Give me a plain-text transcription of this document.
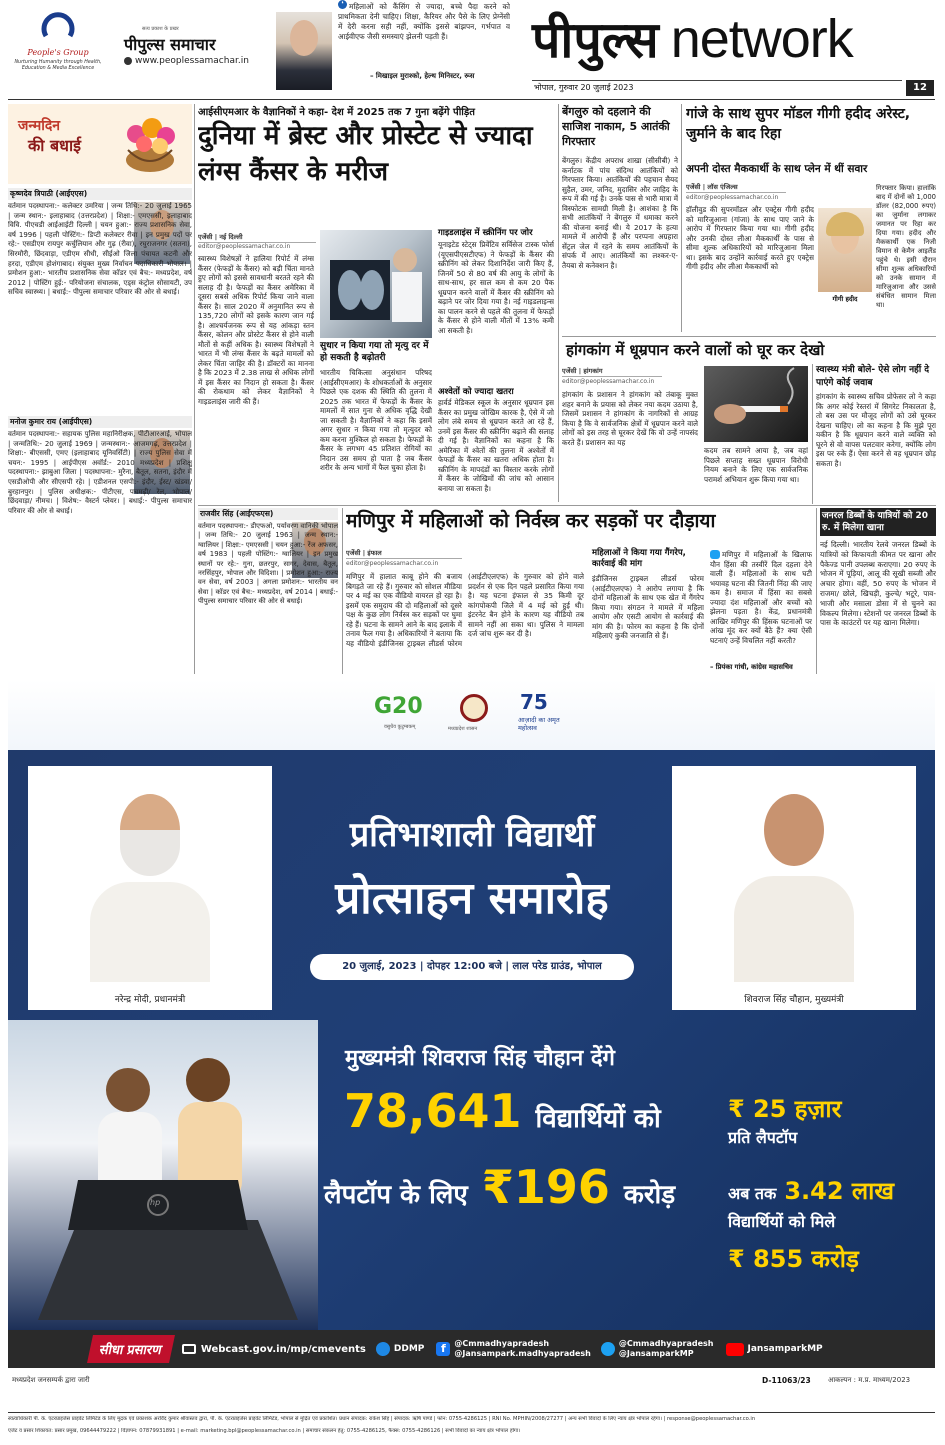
People's Group
Nurturing Humanity through Health, Education & Media Excellence
सत्य प्रकाश के प्रखर
पीपुल्स समाचार
www.peoplessamachar.in
❛ महिलाओं को कैंसिंग से ज्यादा, बच्चे पैदा करने को प्राथमिकता देनी चाहिए। शिक्षा, कैरियर और पैसे के लिए प्रेग्नेंसी में देरी करना सही नहीं, क्योंकि इससे बांझपन, गर्भपात व आईवीएफ जैसी समस्याएं झेलनी पड़ती हैं।
– मिखाइल मुराश्को, हेल्थ मिनिस्टर, रूस
पीपुल्स network
भोपाल, गुरुवार 20 जुलाई 2023	12
जन्मदिन
की बधाई
कृष्णदेव त्रिपाठी (आईएएस)
वर्तमान पदस्थापना:- कलेक्टर उमरिया | जन्म तिथि:- 20 जुलाई 1965 | जन्म स्थान:- इलाहाबाद (उत्तरप्रदेश) | शिक्षा:- एमएससी, इलाहाबाद विवि. पीएचडी आईआईटी दिल्ली | चयन हुआ:- राज्य प्रशासनिक सेवा, वर्ष 1996 | पहली पोस्टिंग:- डिप्टी कलेक्टर रीवा | इन प्रमुख पदों पर रहे:- एसडीएम रायपुर कर्चुलियान और गुढ़ (रीवा), रघुराजनगर (सतना), सिरमौरी, छिंदवाड़ा, एडीएम सीधी, सीईओ जिला पंचायत कटनी और हरदा, एडीएम होशंगाबाद। संयुक्त मुख्य निर्वाचन पदाधिकारी भोपाल। | प्रमोशन हुआ:- भारतीय प्रशासनिक सेवा कॉडर एवं बैच:- मध्यप्रदेश, वर्ष 2012 | पोस्टिंग हुई:- परियोजना संचालक, एड्स कंट्रोल सोसायटी, उप सचिव स्वास्थ्य। | बधाई:- पीपुल्स समाचार परिवार की ओर से बधाई।
मनोज कुमार राय (आईपीएस)
वर्तमान पदस्थापना:- सहायक पुलिस महानिरीक्षक, पीटीआरआई, भोपाल | जन्मतिथि:- 20 जुलाई 1969 | जन्मस्थान:- आजमगढ़, उत्तरप्रदेश | शिक्षा:- बीएससी, एमए (इलाहाबाद यूनिवर्सिटी) | राज्य पुलिस सेवा में चयन:- 1995 | आईपीएस अवॉर्ड:- 2010 मध्यप्रदेश | प्रशिक्षु पदस्थापना:- झाबुआ जिला | पदस्थापना:- मुरैना, बैतूल, सतना, इंदौर में एसडीओपी और सीएसपी रहे। | एडीशनल एसपी:- इंदौर, ईस्ट/ खंडवा/ बुरहानपुर। | पुलिस अधीक्षक:- पीटीएस, पचमढ़ी/ रेल, भोपाल/ छिंदवाड़ा/ नीमच। | विशेष:- वैस्टर्न प्लेयर। | बधाई:- पीपुल्स समाचार परिवार की ओर से बधाई।
आईसीएमआर के वैज्ञानिकों ने कहा- देश में 2025 तक 7 गुना बढ़ेंगे पीड़ित
दुनिया में ब्रेस्ट और प्रोस्टेट से ज्यादा लंग्स कैंसर के मरीज
एजेंसी | नई दिल्ली
editor@peoplessamachar.co.in
स्वास्थ्य विशेषज्ञों ने हालिया रिपोर्ट में लंग्स कैंसर (फेफड़ों के कैंसर) को बड़ी चिंता मानते हुए लोगों को इससे सावधानी बरतते रहने की सलाह दी है। फेफड़ों का कैंसर अमेरिका में दूसरा सबसे अधिक रिपोर्ट किया जाने वाला कैंसर है। साल 2020 में अनुमानित रूप से 135,720 लोगों को इसके कारण जान गई है। आश्चर्यजनक रूप से यह आंकड़ा स्तन कैंसर, कोलन और प्रोस्टेट कैंसर से होने वाली मौतों से कहीं अधिक है। स्वास्थ्य विशेषज्ञों ने भारत में भी लंग्स कैंसर के बढ़ते मामलों को लेकर चिंता जाहिर की है। डॉक्टरों का मानना है कि 2023 में 2.38 लाख से अधिक लोगों में इस कैंसर का निदान हो सकता है। कैंसर की रोकथाम को लेकर वैज्ञानिकों ने गाइडलाइंस जारी की हैं।
सुधार न किया गया तो मृत्यु दर में हो सकती है बढ़ोतरी
भारतीय चिकित्सा अनुसंधान परिषद (आईसीएमआर) के शोधकर्ताओं के अनुसार पिछले एक दशक की स्थिति की तुलना में 2025 तक भारत में फेफड़ों के कैंसर के मामलों में सात गुना से अधिक वृद्धि देखी जा सकती है। वैज्ञानिकों ने कहा कि इसमें अगर सुधार न किया गया तो मृत्युदर को कम करना मुश्किल हो सकता है। फेफड़ों के कैंसर के लगभग 45 प्रतिशत रोगियों का निदान उस समय हो पाता है जब कैंसर शरीर के अन्य भागों में फैल चुका होता है।
गाइडलाइंस में स्क्रीनिंग पर जोर
यूनाइटेड स्टेट्स प्रिवेंटिव सर्विसेज टास्क फोर्स (यूएसपीएसटीएफ) ने फेफड़ों के कैंसर की स्क्रीनिंग को लेकर दिशानिर्देश जारी किए हैं, जिनमें 50 से 80 वर्ष की आयु के लोगों के साथ-साथ, हर साल कम से कम 20 पैक धूम्रपान करने वालों में कैंसर की स्क्रीनिंग को बढ़ाने पर जोर दिया गया है। नई गाइडलाइन्स का पालन करने से पहले की तुलना में फेफड़ों के कैंसर से होने वाली मौतों में 13% कमी आ सकती है।
अश्वेतों को ज्यादा खतरा
हार्वर्ड मेडिकल स्कूल के अनुसार धूम्रपान इस कैंसर का प्रमुख जोखिम कारक है, ऐसे में जो लोग लंबे समय से धूम्रपान करते आ रहे हैं, उनमें इस कैंसर की स्क्रीनिंग बढ़ाने की सलाह दी गई है। वैज्ञानिकों का कहना है कि अमेरिका में श्वेतों की तुलना में अश्वेतों में फेफड़ों के कैंसर का खतरा अधिक होता है। स्क्रीनिंग के मापदंडों का विस्तार करके लोगों में कैंसर के जोखिमों की जांच को आसान बनाया जा सकता है।
बेंगलुरु को दहलाने की साजिश नाकाम, 5 आतंकी गिरफ्तार
बेंगलुरु। केंद्रीय अपराध शाखा (सीसीबी) ने कर्नाटक में पांच संदिग्ध आतंकियों को गिरफ्तार किया। आतंकियों की पहचान सैयद सुहैल, उमर, जनिद, मुदासिर और जाहिद के रूप में की गई है। उनके पास से भारी मात्रा में विस्फोटक सामग्री मिली है। आशंका है कि सभी आतंकियों ने बेंगलुरु में धमाका करने की योजना बनाई थी। ये 2017 के हत्या मामले में आरोपी हैं और परप्पना अग्रहारा सेंट्रल जेल में रहने के समय आतंकियों के संपर्क में आए। आतंकियों का लश्कर-ए-तैयबा से कनेक्शन है।
गांजे के साथ सुपर मॉडल गीगी हदीद अरेस्ट, जुर्माने के बाद रिहा
अपनी दोस्त मैककार्थी के साथ प्लेन में थीं सवार
एजेंसी | लॉस एंजिल्स
editor@peoplessamachar.co.in
हॉलीवुड की सुपरमॉडल और एक्ट्रेस गीगी हदीद को मारिजुआना (गांजा) के साथ पाए जाने के आरोप में गिरफ्तार किया गया था। गीगी हदीद और उनकी दोस्त लीआ मैककार्थी के पास से सीमा शुल्क अधिकारियों को मारिजुआना मिला था। इसके बाद उन्होंने कार्रवाई करते हुए एक्ट्रेस गीगी हदीद और लीआ मैककार्थी को
गीगी हदीद
गिरफ्तार किया। हालांकि बाद में दोनों को 1,000 डॉलर (82,000 रुपए) का जुर्माना लगाकर जमानत पर रिहा कर दिया गया। हदीद और मैककार्थी एक निजी विमान से केमैन आइलैंड पहुंचे थे। इसी दौरान सीमा शुल्क अधिकारियों को उनके सामान में मारिजुआना और उससे संबंधित सामान मिला था।
हांगकांग में धूम्रपान करने वालों को घूर कर देखो
एजेंसी | हांगकांग
editor@peoplessamachar.co.in
हांगकांग के प्रशासन ने हांगकांग को तंबाकू मुक्त शहर बनाने के प्रयास को लेकर नया कदम उठाया है, जिसमें प्रशासन ने हांगकांग के नागरिकों से आग्रह किया है कि वे सार्वजनिक क्षेत्रों में धूम्रपान करने वाले लोगों को इस तरह से घूरकर देखें कि वो उन्हें नापसंद करते हैं। प्रशासन का यह
कदम तब सामने आया है, जब वहां पिछले सप्ताह सख्त धूम्रपान विरोधी नियम बनाने के लिए एक सार्वजनिक परामर्श अभियान शुरू किया गया था।
स्वास्थ्य मंत्री बोले- ऐसे लोग नहीं दे पाएंगे कोई जवाब
हांगकांग के स्वास्थ्य सचिव प्रोफेसर लो ने कहा कि अगर कोई रेस्तरां में सिगरेट निकालता है, तो बस उस पर मौजूद लोगों को उसे घूरकर देखना चाहिए। लो का कहना है कि मुझे पूरा यकीन है कि धूम्रपान करने वाले व्यक्ति को घूरने से वो वापस पलटवार करेगा, क्योंकि लोग इस पर रुके हैं। ऐसा करने से वह धूम्रपान छोड़ सकता है।
राजवीर सिंह (आईएफएस)
वर्तमान पदस्थापना:- डीएफओ, पर्यावरण वानिकी भोपाल | जन्म तिथि:- 20 जुलाई 1963 | जन्म स्थान:- ग्वालियर | शिक्षा:- एमएससी | चयन हुआ:- रेंज अफसर, वर्ष 1983 | पहली पोस्टिंग:- ग्वालियर | इन प्रमुख स्थानों पर रहे:- गुना, छतरपुर, सागर, देवास, बैतूल, नरसिंहपुर, भोपाल और विदिशा। | प्रमोशन हुआ:- राज्य वन सेवा, वर्ष 2003 | अगला प्रमोशन:- भारतीय वन सेवा | कॉडर एवं बैच:- मध्यप्रदेश, वर्ष 2014 | बधाई:- पीपुल्स समाचार परिवार की ओर से बधाई।
मणिपुर में महिलाओं को निर्वस्त्र कर सड़कों पर दौड़ाया
एजेंसी | इंफाल
editor@peoplessamachar.co.in
मणिपुर में हालात काबू होने की बजाय बिगड़ते जा रहे हैं। गुरुवार को सोशल मीडिया पर 4 मई का एक वीडियो वायरल हो रहा है। इसमें एक समुदाय की दो महिलाओं को दूसरे पक्ष के कुछ लोग निर्वस्त्र कर सड़कों पर घुमा रहे हैं। घटना के सामने आने के बाद इलाके में तनाव फैल गया है। अधिकारियों ने बताया कि यह वीडियो इंडीजिनस ट्राइबल लीडर्स फोरम (आईटीएलएफ) के गुरुवार को होने वाले प्रदर्शन से एक दिन पहले प्रसारित किया गया है। यह घटना इंफाल से 35 किमी दूर कांगपोकपी जिले में 4 मई को हुई थी। इंटरनेट बैन होने के कारण यह वीडियो तब सामने नहीं आ सका था। पुलिस ने मामला दर्ज जांच शुरू कर दी है।
महिलाओं ने किया गया गैंगरेप, कार्रवाई की मांग
इंडीजिनस ट्राइबल लीडर्स फोरम (आईटीएलएफ) ने आरोप लगाया है कि दोनों महिलाओं के साथ एक खेत में गैंगरेप किया गया। संगठन ने मामले में महिला आयोग और एसटी आयोग से कार्रवाई की मांग की है। फोरम का कहना है कि दोनों महिलाएं कुकी जनजाति से हैं।
मणिपुर में महिलाओं के खिलाफ यौन हिंसा की तस्वीरें दिल दहला देने वाली हैं। महिलाओं के साथ घटी भयावह घटना की जितनी निंदा की जाए कम है। समाज में हिंसा का सबसे ज्यादा दंश महिलाओं और बच्चों को झेलना पड़ता है। केंद्र, प्रधानमंत्री आखिर मणिपुर की हिंसक घटनाओं पर आंख मूंद कर क्यों बैठे हैं? क्या ऐसी घटनाएं उन्हें विचलित नहीं करती?
– प्रियंका गांधी, कांग्रेस महासचिव
जनरल डिब्बों के यात्रियों को 20 रु. में मिलेगा खाना
नई दिल्ली। भारतीय रेलवे जनरल डिब्बों के यात्रियों को किफायती कीमत पर खाना और पैकेज्ड पानी उपलब्ध कराएगा। 20 रुपए के भोजन में पूड़ियां, आलू की सूखी सब्जी और अचार होगा। वहीं, 50 रुपए के भोजन में राजमा/ छोले, खिचड़ी, कुल्चे/ भटूरे, पाव-भाजी और मसाला डोसा में से चुनने का विकल्प मिलेगा। स्टेशनों पर जनरल डिब्बों के पास के काउंटरों पर यह खाना मिलेगा।
G20
वसुधैव कुटुम्बकम्	मध्यप्रदेश शासन
75
आज़ादी का अमृत महोत्सव
नरेन्द्र मोदी, प्रधानमंत्री	शिवराज सिंह चौहान, मुख्यमंत्री
प्रतिभाशाली विद्यार्थी
प्रोत्साहन समारोह
20 जुलाई, 2023 | दोपहर 12:00 बजे | लाल परेड ग्राउंड, भोपाल
मुख्यमंत्री शिवराज सिंह चौहान देंगे
78,641 विद्यार्थियों को
लैपटॉप के लिए ₹196 करोड़
hp
₹ 25 हज़ार
प्रति लैपटॉप
अब तक 3.42 लाख
विद्यार्थियों को मिले
₹ 855 करोड़
सीधा प्रसारण	Webcast.gov.in/mp/cmevents	DDMP	f	@Cmmadhyapradesh
@Jansampark.madhyapradesh
@Cmmadhyapradesh
@JansamparkMP	JansamparkMP
मध्यप्रदेश जनसम्पर्क द्वारा जारी	D-11063/23 आकल्पन : म.प्र. माध्यम/2023
स्वत्वाधिकारी पी. के. एंटरप्राइजेस प्राइवेट लिमिटेड के लिए मुद्रक एवं प्रकाशक अरविंद कुमार श्रीवास्तव द्वारा, पी. के. एंटरप्राइजेस प्राइवेट लिमिटेड, भोपाल से मुद्रित एवं प्रकाशित। प्रधान संपादक: राकेश सिंह | संपादक: ऋषि पाण्डे | फोन: 0755-4286125 | RNI No. MPHIN/2008/27277 | अन्य सभी विवादों के लिए न्याय क्षेत्र भोपाल रहेगा। | response@peoplessamachar.co.in
एजेंट व प्रसार शिकायत: प्रसार प्रमुख, 09644479222 | विज्ञापन: 07879931891 | e-mail: marketing.bpl@peoplessamachar.co.in | समाचार संकलन हेतु: 0755-4286125, फैक्स: 0755-4286126 | सभी विवादों का न्याय क्षेत्र भोपाल होगा।
